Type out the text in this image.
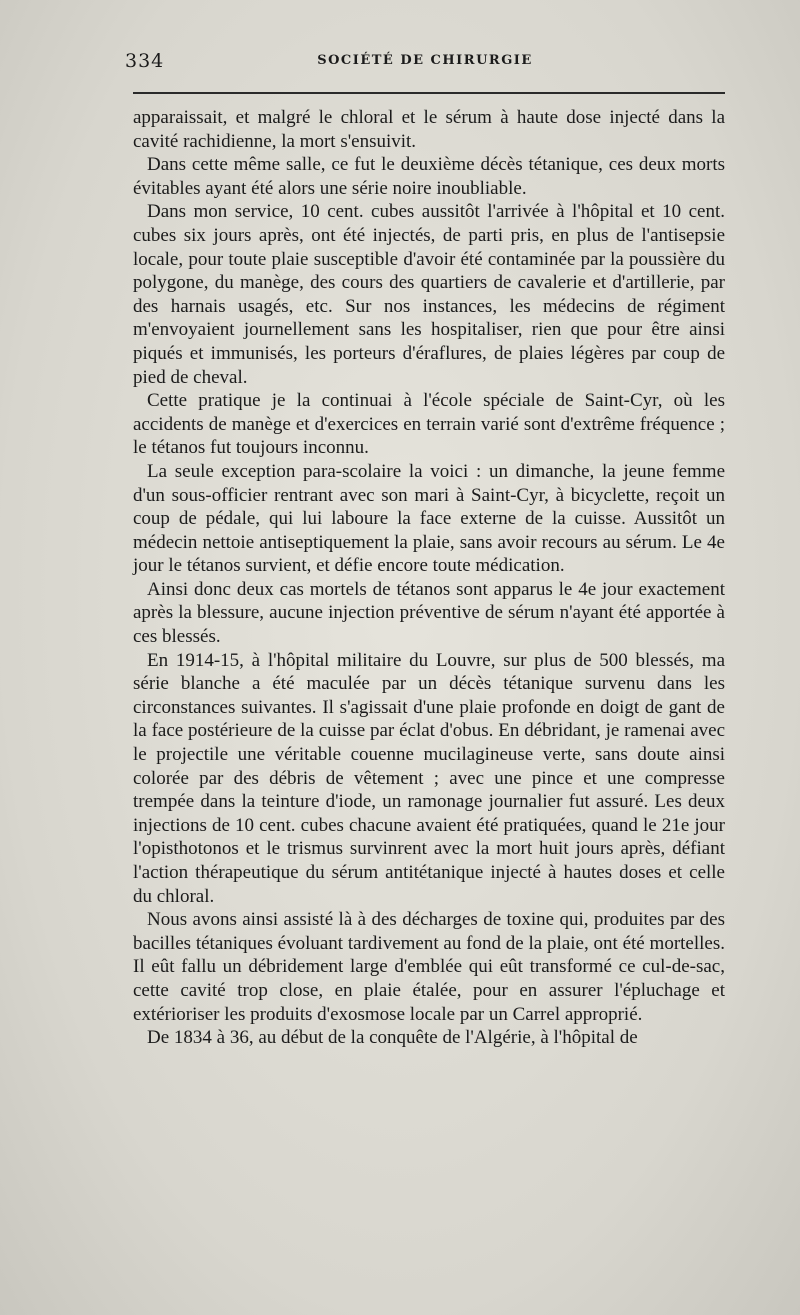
334	SOCIÉTÉ DE CHIRURGIE

apparaissait, et malgré le chloral et le sérum à haute dose injecté dans la cavité rachidienne, la mort s'ensuivit.

Dans cette même salle, ce fut le deuxième décès tétanique, ces deux morts évitables ayant été alors une série noire inoubliable.

Dans mon service, 10 cent. cubes aussitôt l'arrivée à l'hôpital et 10 cent. cubes six jours après, ont été injectés, de parti pris, en plus de l'antisepsie locale, pour toute plaie susceptible d'avoir été contaminée par la poussière du polygone, du manège, des cours des quartiers de cavalerie et d'artillerie, par des harnais usagés, etc. Sur nos instances, les médecins de régiment m'envoyaient journellement sans les hospitaliser, rien que pour être ainsi piqués et immunisés, les porteurs d'éraflures, de plaies légères par coup de pied de cheval.

Cette pratique je la continuai à l'école spéciale de Saint-Cyr, où les accidents de manège et d'exercices en terrain varié sont d'extrême fréquence ; le tétanos fut toujours inconnu.

La seule exception para-scolaire la voici : un dimanche, la jeune femme d'un sous-officier rentrant avec son mari à Saint-Cyr, à bicyclette, reçoit un coup de pédale, qui lui laboure la face externe de la cuisse. Aussitôt un médecin nettoie antiseptiquement la plaie, sans avoir recours au sérum. Le 4e jour le tétanos survient, et défie encore toute médication.

Ainsi donc deux cas mortels de tétanos sont apparus le 4e jour exactement après la blessure, aucune injection préventive de sérum n'ayant été apportée à ces blessés.

En 1914-15, à l'hôpital militaire du Louvre, sur plus de 500 blessés, ma série blanche a été maculée par un décès tétanique survenu dans les circonstances suivantes. Il s'agissait d'une plaie profonde en doigt de gant de la face postérieure de la cuisse par éclat d'obus. En débridant, je ramenai avec le projectile une véritable couenne mucilagineuse verte, sans doute ainsi colorée par des débris de vêtement ; avec une pince et une compresse trempée dans la teinture d'iode, un ramonage journalier fut assuré. Les deux injections de 10 cent. cubes chacune avaient été pratiquées, quand le 21e jour l'opisthotonos et le trismus survinrent avec la mort huit jours après, défiant l'action thérapeutique du sérum antitétanique injecté à hautes doses et celle du chloral.

Nous avons ainsi assisté là à des décharges de toxine qui, produites par des bacilles tétaniques évoluant tardivement au fond de la plaie, ont été mortelles. Il eût fallu un débridement large d'emblée qui eût transformé ce cul-de-sac, cette cavité trop close, en plaie étalée, pour en assurer l'épluchage et extérioriser les produits d'exosmose locale par un Carrel approprié.

De 1834 à 36, au début de la conquête de l'Algérie, à l'hôpital de
